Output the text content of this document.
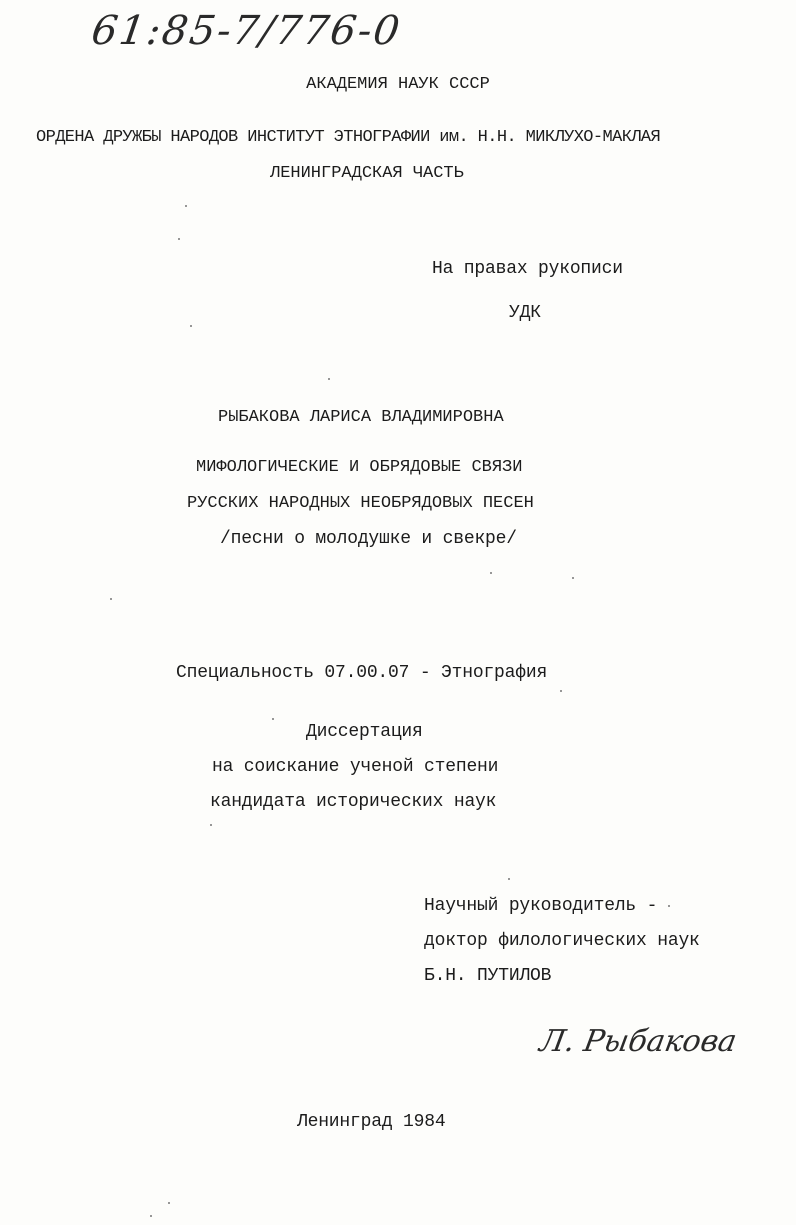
61:85-7/776-0
АКАДЕМИЯ НАУК СССР
ОРДЕНА ДРУЖБЫ НАРОДОВ ИНСТИТУТ ЭТНОГРАФИИ им. Н.Н. МИКЛУХО-МАКЛАЯ
ЛЕНИНГРАДСКАЯ ЧАСТЬ
На правах рукописи
УДК
РЫБАКОВА ЛАРИСА ВЛАДИМИРОВНА
МИФОЛОГИЧЕСКИЕ И ОБРЯДОВЫЕ СВЯЗИ
РУССКИХ НАРОДНЫХ НЕОБРЯДОВЫХ ПЕСЕН
/песни о молодушке и свекре/
Специальность 07.00.07 - Этнография
Диссертация
на соискание ученой степени
кандидата исторических наук
Научный руководитель -
доктор филологических наук
Б.Н. ПУТИЛОВ
Л. Рыбакова
Ленинград 1984
